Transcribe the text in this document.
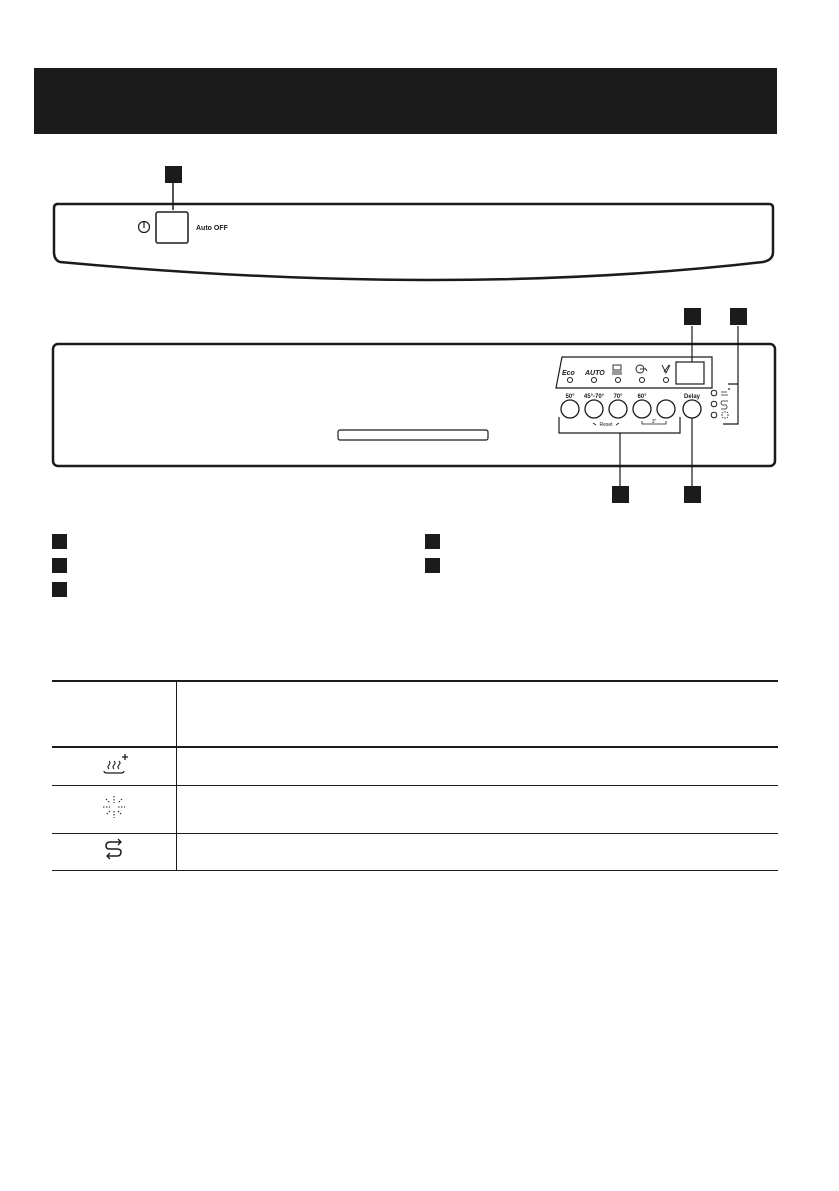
Auto OFF
Eco AUTO
50° 45°-70° 70° 60°	Delay
Reset	3"
